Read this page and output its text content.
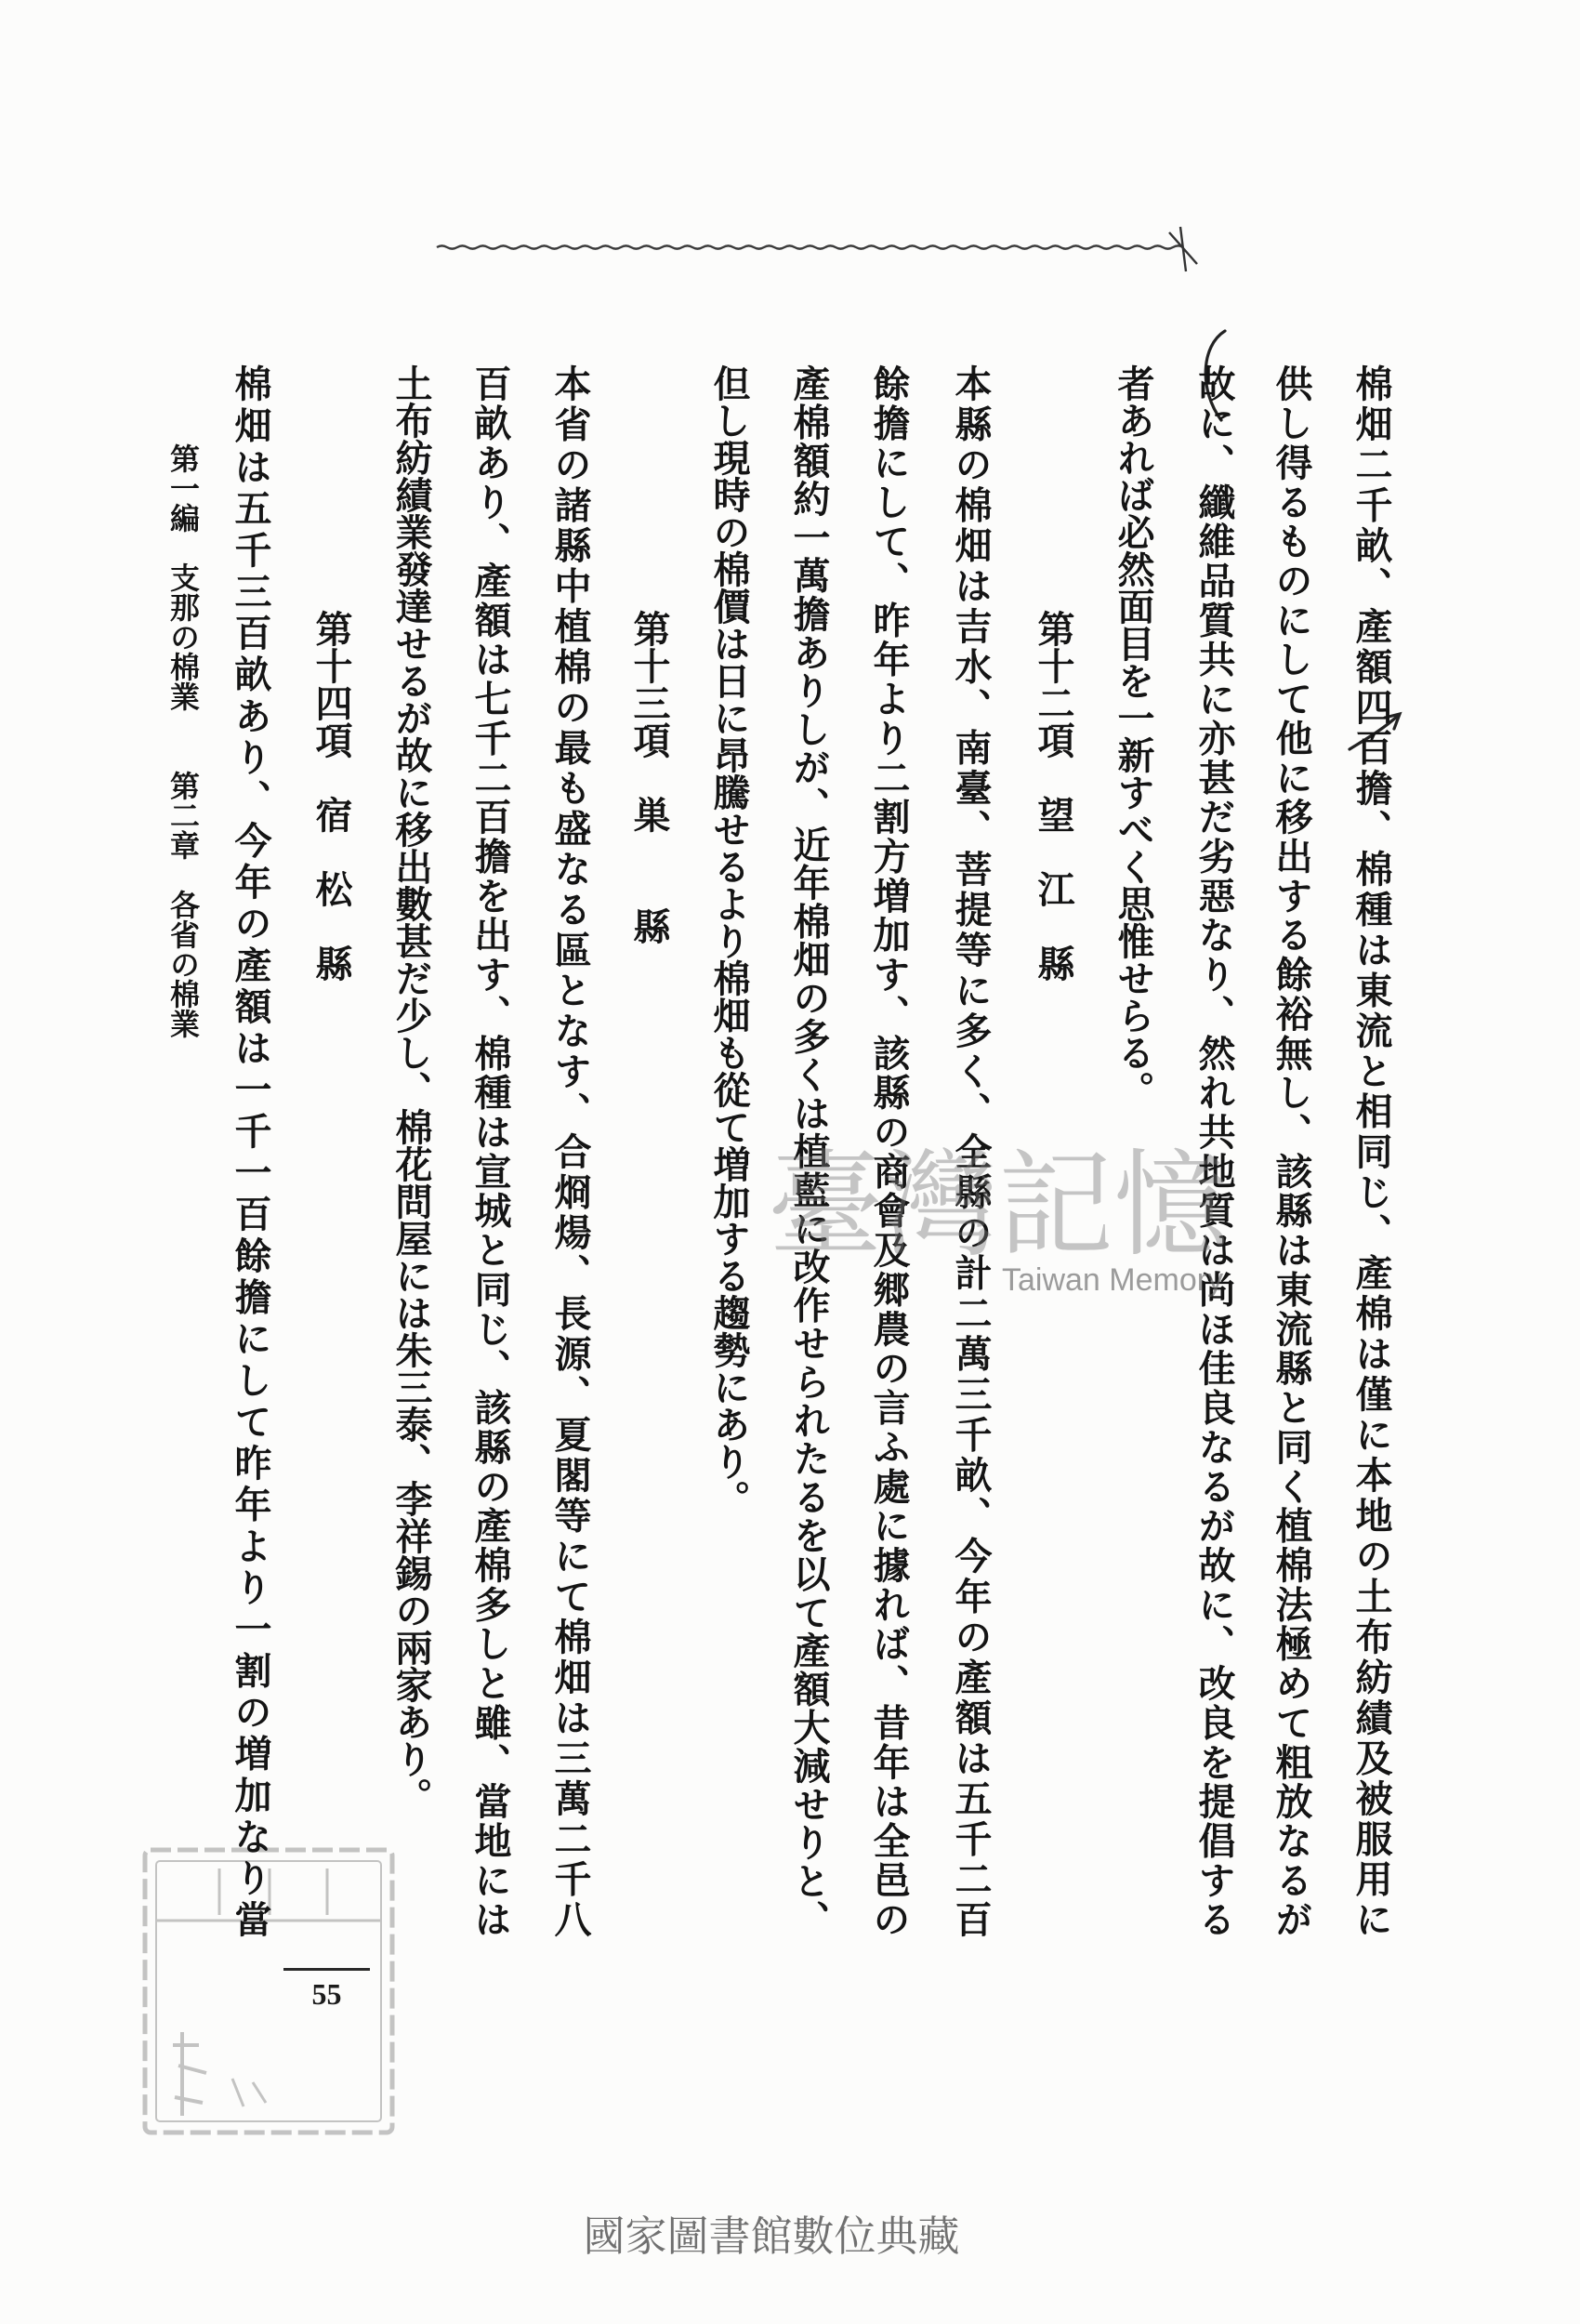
棉畑二千畝、產額四百擔、棉種は東流と相同じ、產棉は僅に本地の土布紡績及被服用に
供し得るものにして他に移出する餘裕無し、該縣は東流縣と同く植棉法極めて粗放なるが
故に、纖維品質共に亦甚だ劣惡なり、然れ共地質は尚ほ佳良なるが故に、改良を提倡する
者あれば必然面目を一新すべく思惟せらる。
第十二項　望　江　縣
本縣の棉畑は吉水、南臺、菩提等に多く、全縣の計二萬三千畝、今年の產額は五千二百
餘擔にして、昨年より二割方増加す、該縣の商會及郷農の言ふ處に據れば、昔年は全邑の
產棉額約一萬擔ありしが、近年棉畑の多くは植藍に改作せられたるを以て產額大減せりと、
但し現時の棉價は日に昂騰せるより棉畑も從て増加する趨勢にあり。
第十三項　巣　　縣
本省の諸縣中植棉の最も盛なる區となす、合烱煬、長源、夏閣等にて棉畑は三萬二千八
百畝あり、產額は七千二百擔を出す、棉種は宣城と同じ、該縣の產棉多しと雖、當地には
土布紡績業發達せるが故に移出數甚だ少し、棉花問屋には朱三泰、李祥錫の兩家あり。
第十四項　宿　松　縣
棉畑は五千三百畝あり、今年の產額は一千一百餘擔にして昨年より一割の増加なり當
第一編　支那の棉業　　第二章　各省の棉業
55
臺灣記憶
Taiwan Memory
國家圖書館數位典藏
